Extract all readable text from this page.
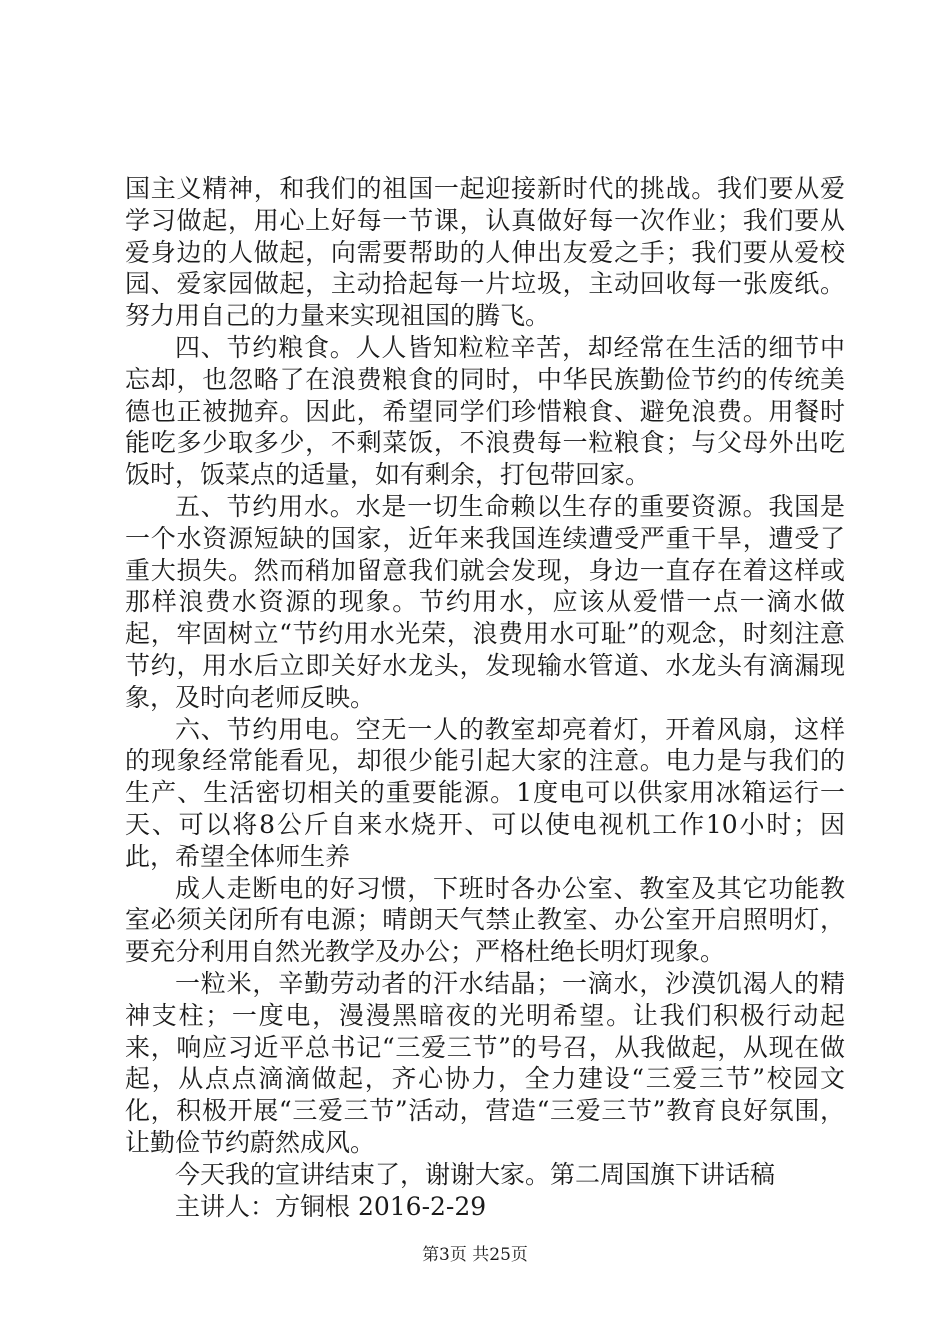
国主义精神，和我们的祖国一起迎接新时代的挑战。我们要从爱学习做起，用心上好每一节课，认真做好每一次作业；我们要从爱身边的人做起，向需要帮助的人伸出友爱之手；我们要从爱校园、爱家园做起，主动拾起每一片垃圾，主动回收每一张废纸。努力用自己的力量来实现祖国的腾飞。

四、节约粮食。人人皆知粒粒辛苦，却经常在生活的细节中忘却，也忽略了在浪费粮食的同时，中华民族勤俭节约的传统美德也正被抛弃。因此，希望同学们珍惜粮食、避免浪费。用餐时能吃多少取多少，不剩菜饭，不浪费每一粒粮食；与父母外出吃饭时，饭菜点的适量，如有剩余，打包带回家。

五、节约用水。水是一切生命赖以生存的重要资源。我国是一个水资源短缺的国家，近年来我国连续遭受严重干旱，遭受了重大损失。然而稍加留意我们就会发现，身边一直存在着这样或那样浪费水资源的现象。节约用水，应该从爱惜一点一滴水做起，牢固树立“节约用水光荣，浪费用水可耻”的观念，时刻注意节约，用水后立即关好水龙头，发现输水管道、水龙头有滴漏现象，及时向老师反映。

六、节约用电。空无一人的教室却亮着灯，开着风扇，这样的现象经常能看见，却很少能引起大家的注意。电力是与我们的生产、生活密切相关的重要能源。1度电可以供家用冰箱运行一天、可以将8公斤自来水烧开、可以使电视机工作10小时；因此，希望全体师生养

成人走断电的好习惯，下班时各办公室、教室及其它功能教室必须关闭所有电源；晴朗天气禁止教室、办公室开启照明灯，要充分利用自然光教学及办公；严格杜绝长明灯现象。

一粒米，辛勤劳动者的汗水结晶；一滴水，沙漠饥渴人的精神支柱；一度电，漫漫黑暗夜的光明希望。让我们积极行动起来，响应习近平总书记“三爱三节”的号召，从我做起，从现在做起，从点点滴滴做起，齐心协力，全力建设“三爱三节”校园文化，积极开展“三爱三节”活动，营造“三爱三节”教育良好氛围，让勤俭节约蔚然成风。

今天我的宣讲结束了，谢谢大家。第二周国旗下讲话稿

主讲人：方铜根 2016-2-29

第3页 共25页
